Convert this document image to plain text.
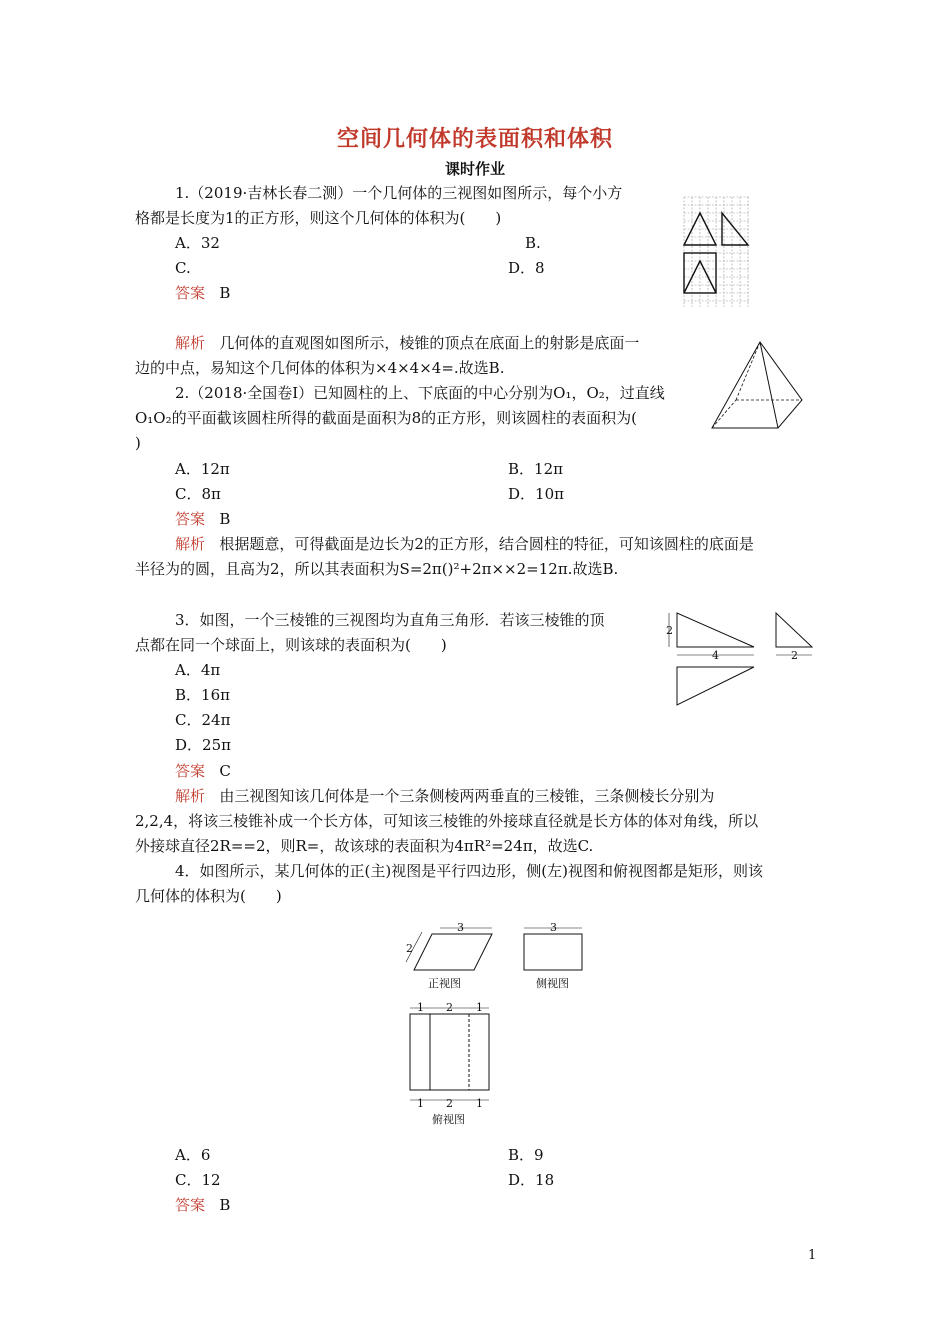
空间几何体的表面积和体积
课时作业
1.（2019·吉林长春二测）一个几何体的三视图如图所示，每个小方
格都是长度为1的正方形，则这个几何体的体积为(　　)
A．32	B.
C.	D．8
答案 B
解析 几何体的直观图如图所示，棱锥的顶点在底面上的射影是底面一
边的中点，易知这个几何体的体积为×4×4×4=.故选B.
2.（2018·全国卷Ⅰ）已知圆柱的上、下底面的中心分别为O₁，O₂，过直线
O₁O₂的平面截该圆柱所得的截面是面积为8的正方形，则该圆柱的表面积为(
)
A．12π	B．12π
C．8π	D．10π
答案 B
解析 根据题意，可得截面是边长为2的正方形，结合圆柱的特征，可知该圆柱的底面是
半径为的圆，且高为2，所以其表面积为S=2π()²+2π××2=12π.故选B.
3．如图，一个三棱锥的三视图均为直角三角形．若该三棱锥的顶
点都在同一个球面上，则该球的表面积为(　　)
A．4π
B．16π
C．24π
D．25π
答案 C
解析 由三视图知该几何体是一个三条侧棱两两垂直的三棱锥，三条侧棱长分别为
2,2,4，将该三棱锥补成一个长方体，可知该三棱锥的外接球直径就是长方体的体对角线，所以
外接球直径2R==2，则R=，故该球的表面积为4πR²=24π，故选C.
2
4	2
4．如图所示，某几何体的正(主)视图是平行四边形，侧(左)视图和俯视图都是矩形，则该
几何体的体积为(　　)
3
2
正视图
3
侧视图
1 2 1
1 2 1
俯视图
A．6	B．9
C．12	D．18
答案 B
1
